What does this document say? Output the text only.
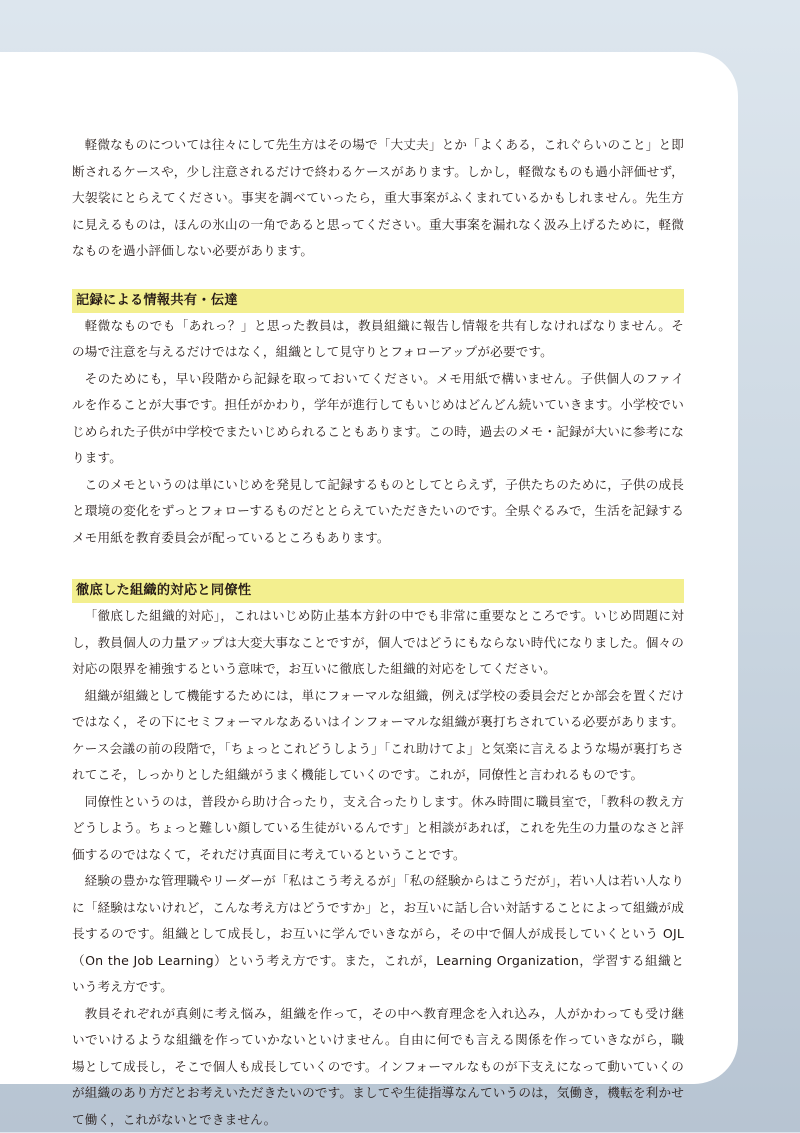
軽微なものについては往々にして先生方はその場で「大丈夫」とか「よくある，これぐらいのこと」と即断されるケースや，少し注意されるだけで終わるケースがあります。しかし，軽微なものも過小評価せず，大袈裟にとらえてください。事実を調べていったら，重大事案がふくまれているかもしれません。先生方に見えるものは，ほんの氷山の一角であると思ってください。重大事案を漏れなく汲み上げるために，軽微なものを過小評価しない必要があります。

記録による情報共有・伝達

軽微なものでも「あれっ？」と思った教員は，教員組織に報告し情報を共有しなければなりません。その場で注意を与えるだけではなく，組織として見守りとフォローアップが必要です。

そのためにも，早い段階から記録を取っておいてください。メモ用紙で構いません。子供個人のファイルを作ることが大事です。担任がかわり，学年が進行してもいじめはどんどん続いていきます。小学校でいじめられた子供が中学校でまたいじめられることもあります。この時，過去のメモ・記録が大いに参考になります。

このメモというのは単にいじめを発見して記録するものとしてとらえず，子供たちのために，子供の成長と環境の変化をずっとフォローするものだととらえていただきたいのです。全県ぐるみで，生活を記録するメモ用紙を教育委員会が配っているところもあります。

徹底した組織的対応と同僚性

「徹底した組織的対応」，これはいじめ防止基本方針の中でも非常に重要なところです。いじめ問題に対し，教員個人の力量アップは大変大事なことですが，個人ではどうにもならない時代になりました。個々の対応の限界を補強するという意味で，お互いに徹底した組織的対応をしてください。

組織が組織として機能するためには，単にフォーマルな組織，例えば学校の委員会だとか部会を置くだけではなく，その下にセミフォーマルなあるいはインフォーマルな組織が裏打ちされている必要があります。ケース会議の前の段階で，「ちょっとこれどうしよう」「これ助けてよ」と気楽に言えるような場が裏打ちされてこそ，しっかりとした組織がうまく機能していくのです。これが，同僚性と言われるものです。

同僚性というのは，普段から助け合ったり，支え合ったりします。休み時間に職員室で，「教科の教え方どうしよう。ちょっと難しい顔している生徒がいるんです」と相談があれば，これを先生の力量のなさと評価するのではなくて，それだけ真面目に考えているということです。

経験の豊かな管理職やリーダーが「私はこう考えるが」「私の経験からはこうだが」，若い人は若い人なりに「経験はないけれど，こんな考え方はどうですか」と，お互いに話し合い対話することによって組織が成長するのです。組織として成長し，お互いに学んでいきながら，その中で個人が成長していくという OJL（On the Job Learning）という考え方です。また，これが，Learning Organization，学習する組織という考え方です。

教員それぞれが真剣に考え悩み，組織を作って，その中へ教育理念を入れ込み，人がかわっても受け継いでいけるような組織を作っていかないといけません。自由に何でも言える関係を作っていきながら，職場として成長し，そこで個人も成長していくのです。インフォーマルなものが下支えになって動いていくのが組織のあり方だとお考えいただきたいのです。ましてや生徒指導なんていうのは，気働き，機転を利かせて働く，これがないとできません。
